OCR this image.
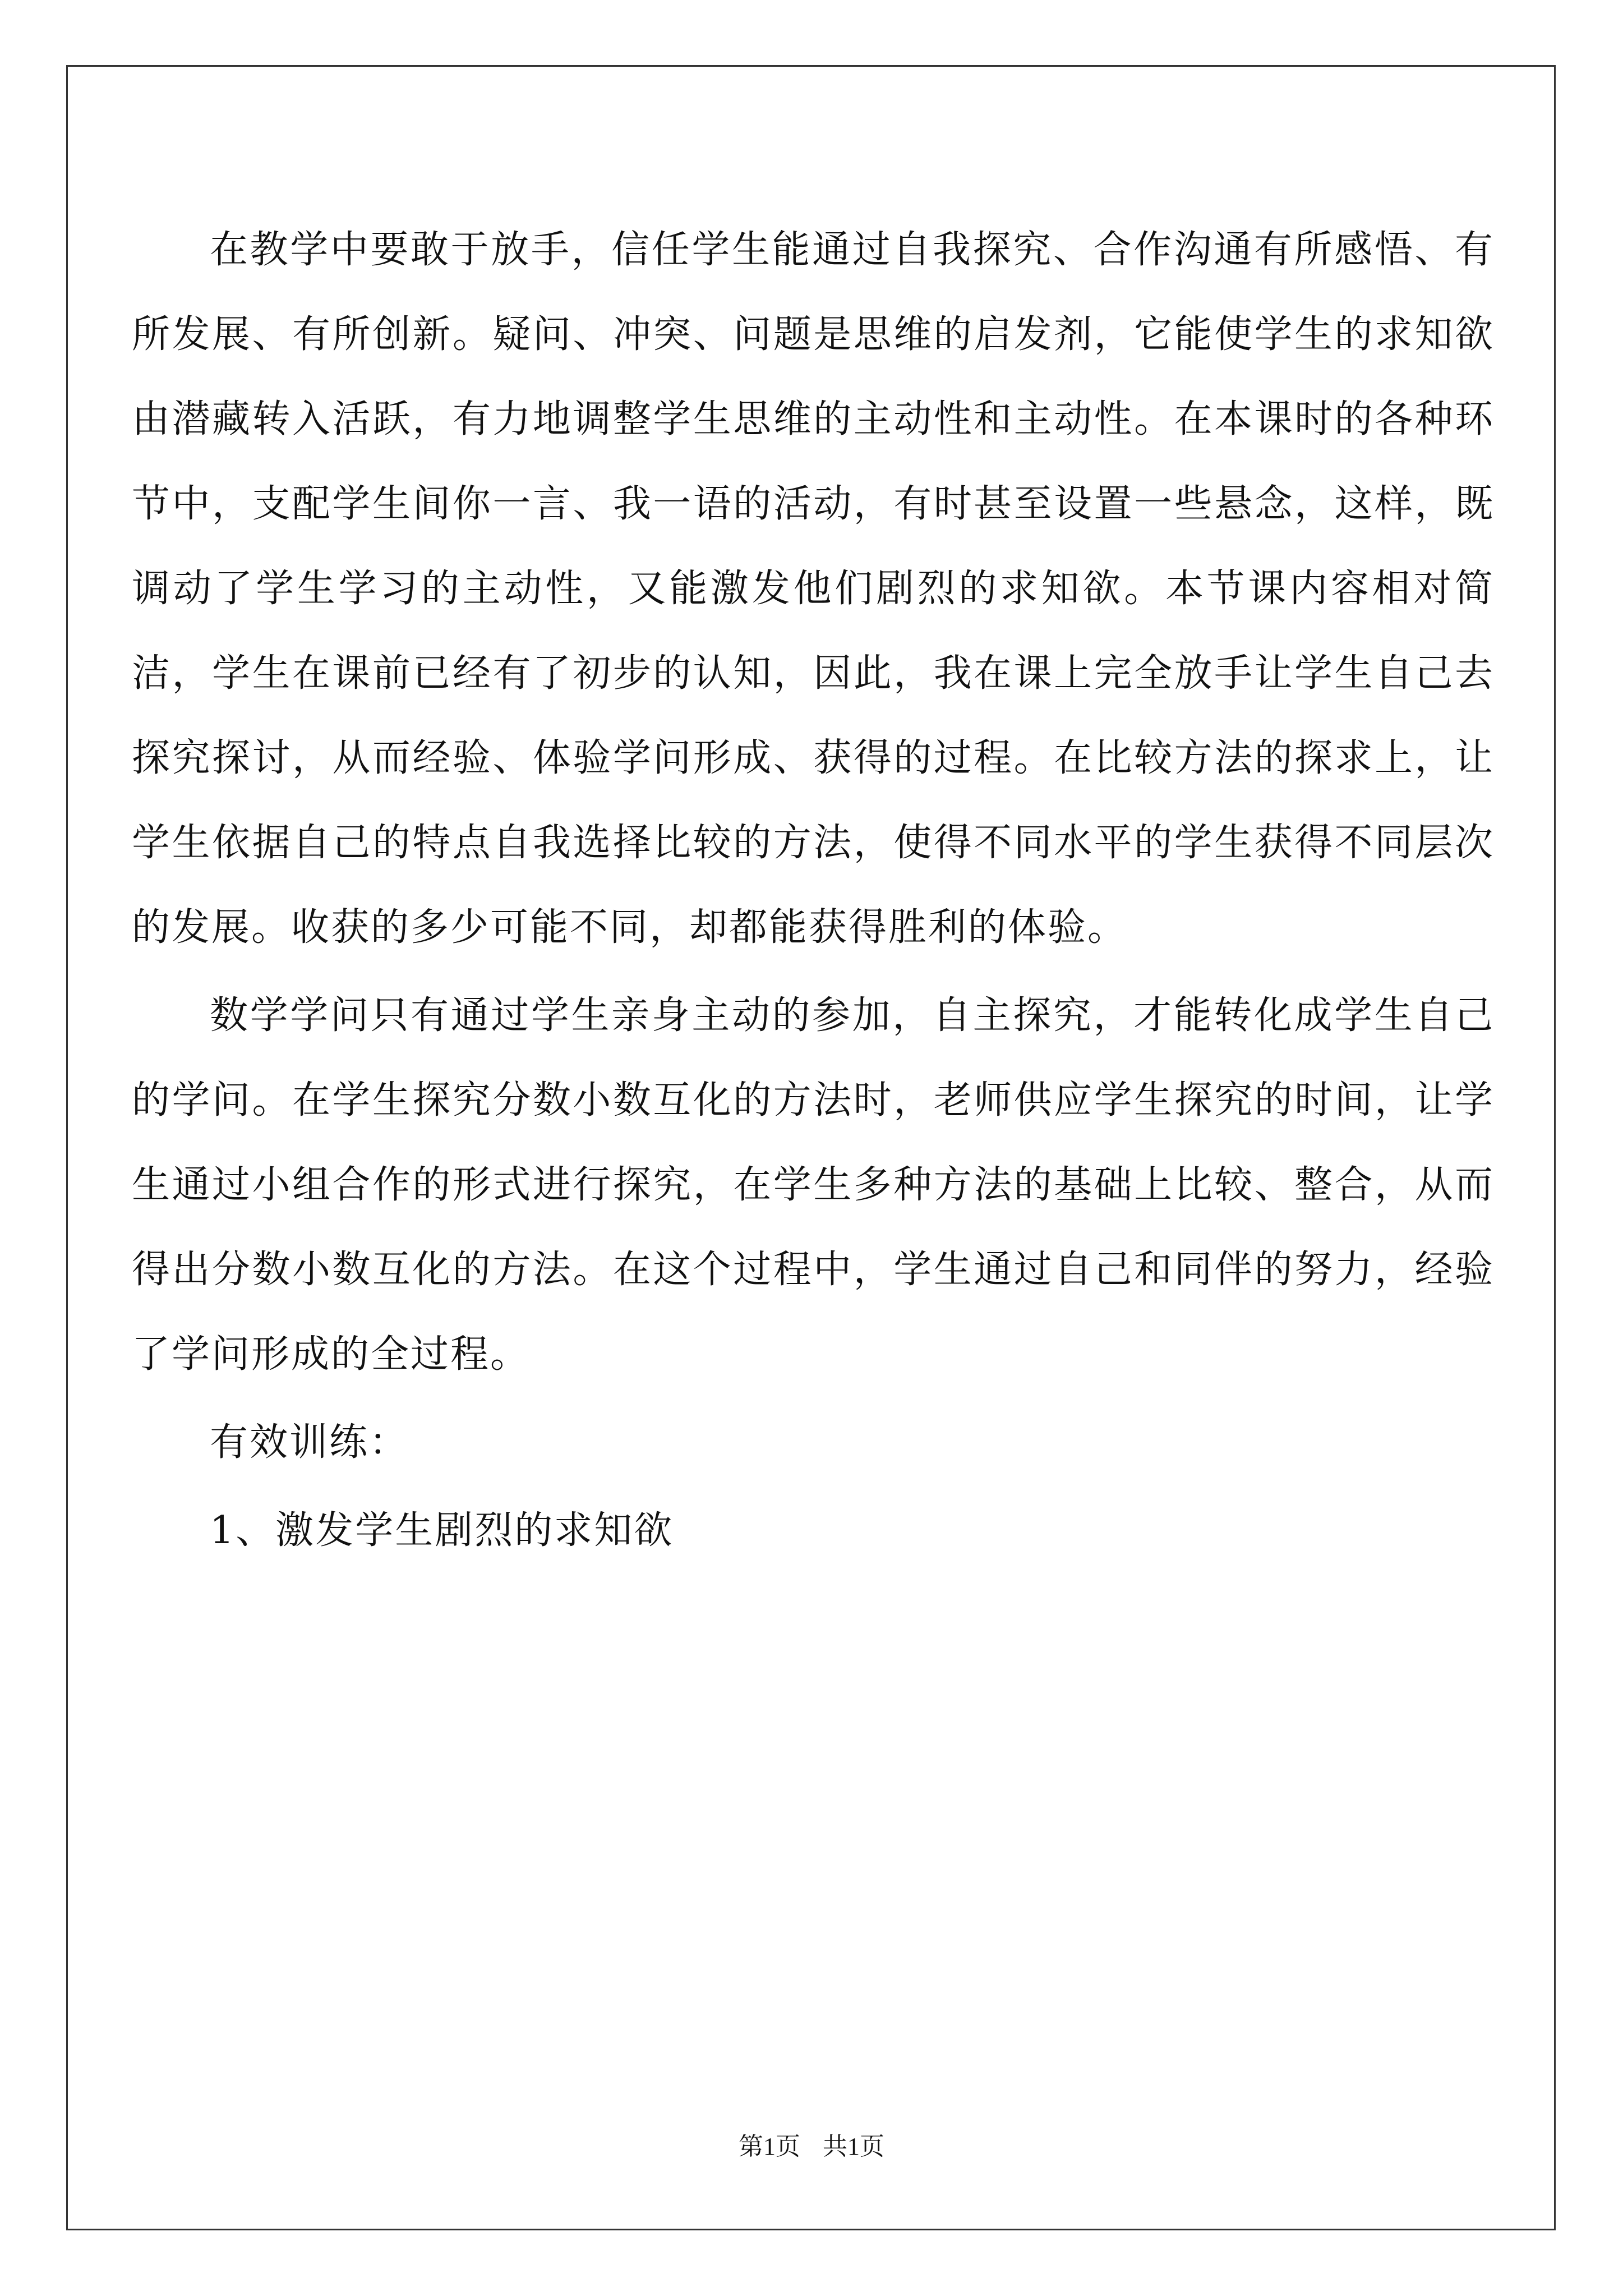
在教学中要敢于放手，信任学生能通过自我探究、合作沟通有所感悟、有所发展、有所创新。疑问、冲突、问题是思维的启发剂，它能使学生的求知欲由潜藏转入活跃，有力地调整学生思维的主动性和主动性。在本课时的各种环节中，支配学生间你一言、我一语的活动，有时甚至设置一些悬念，这样，既调动了学生学习的主动性，又能激发他们剧烈的求知欲。本节课内容相对简洁，学生在课前已经有了初步的认知，因此，我在课上完全放手让学生自己去探究探讨，从而经验、体验学问形成、获得的过程。在比较方法的探求上，让学生依据自己的特点自我选择比较的方法，使得不同水平的学生获得不同层次的发展。收获的多少可能不同，却都能获得胜利的体验。

数学学问只有通过学生亲身主动的参加，自主探究，才能转化成学生自己的学问。在学生探究分数小数互化的方法时，老师供应学生探究的时间，让学生通过小组合作的形式进行探究，在学生多种方法的基础上比较、整合，从而得出分数小数互化的方法。在这个过程中，学生通过自己和同伴的努力，经验了学问形成的全过程。

有效训练：

1、激发学生剧烈的求知欲

第1页 共1页
